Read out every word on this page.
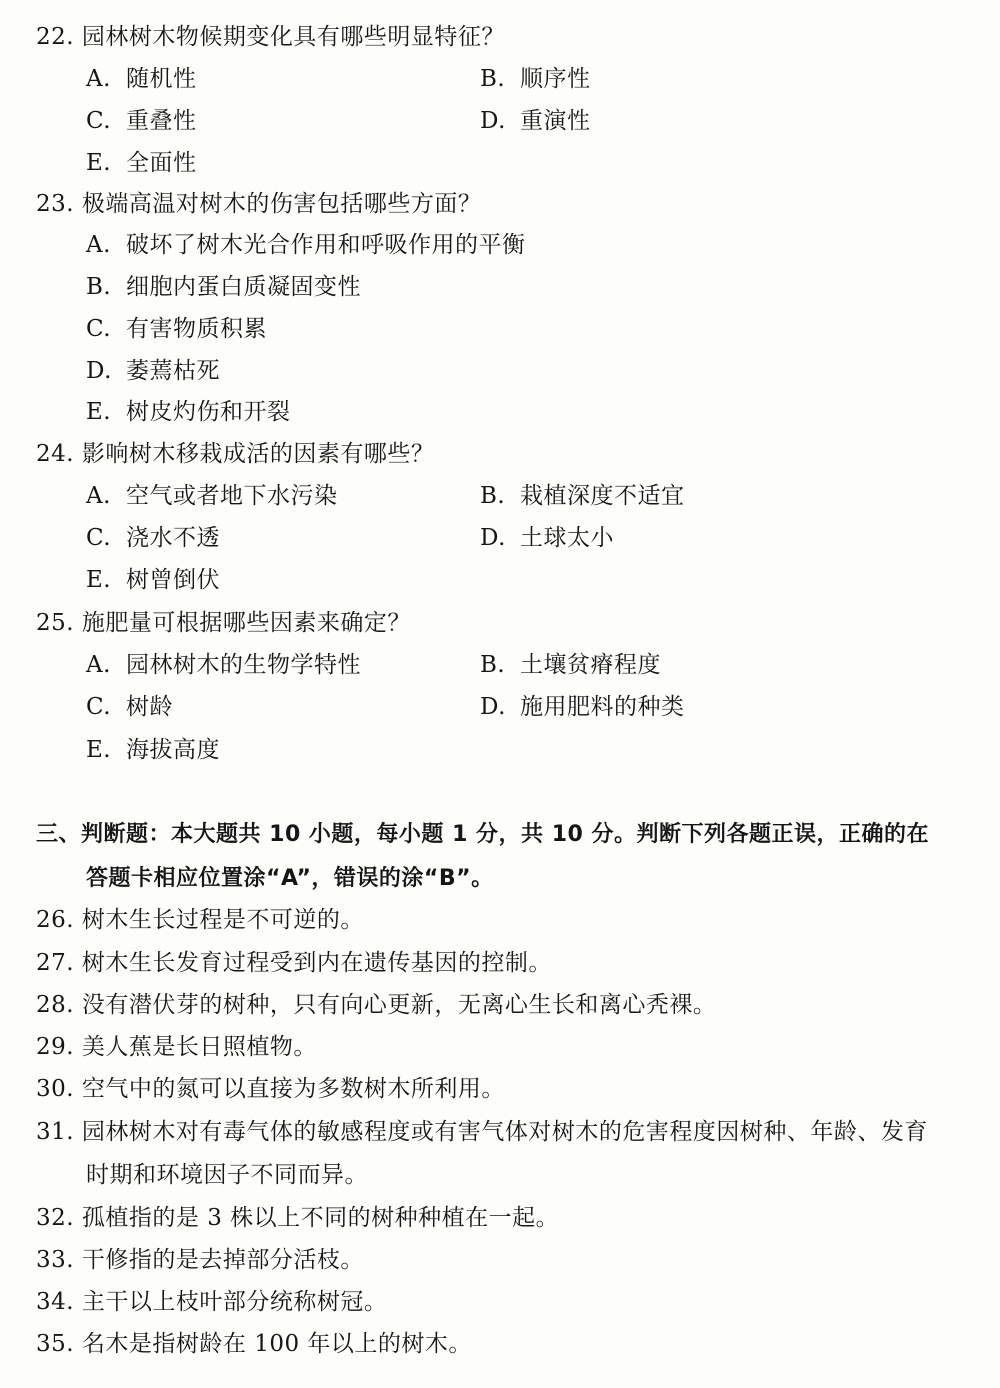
22. 园林树木物候期变化具有哪些明显特征？
A. 随机性	B. 顺序性
C. 重叠性	D. 重演性
E. 全面性
23. 极端高温对树木的伤害包括哪些方面？
A. 破坏了树木光合作用和呼吸作用的平衡
B. 细胞内蛋白质凝固变性
C. 有害物质积累
D. 萎蔫枯死
E. 树皮灼伤和开裂
24. 影响树木移栽成活的因素有哪些？
A. 空气或者地下水污染	B. 栽植深度不适宜
C. 浇水不透	D. 土球太小
E. 树曾倒伏
25. 施肥量可根据哪些因素来确定？
A. 园林树木的生物学特性	B. 土壤贫瘠程度
C. 树龄	D. 施用肥料的种类
E. 海拔高度
三、判断题：本大题共 10 小题，每小题 1 分，共 10 分。判断下列各题正误，正确的在
答题卡相应位置涂“A”，错误的涂“B”。
26. 树木生长过程是不可逆的。
27. 树木生长发育过程受到内在遗传基因的控制。
28. 没有潜伏芽的树种，只有向心更新，无离心生长和离心秃裸。
29. 美人蕉是长日照植物。
30. 空气中的氮可以直接为多数树木所利用。
31. 园林树木对有毒气体的敏感程度或有害气体对树木的危害程度因树种、年龄、发育
时期和环境因子不同而异。
32. 孤植指的是 3 株以上不同的树种种植在一起。
33. 干修指的是去掉部分活枝。
34. 主干以上枝叶部分统称树冠。
35. 名木是指树龄在 100 年以上的树木。
